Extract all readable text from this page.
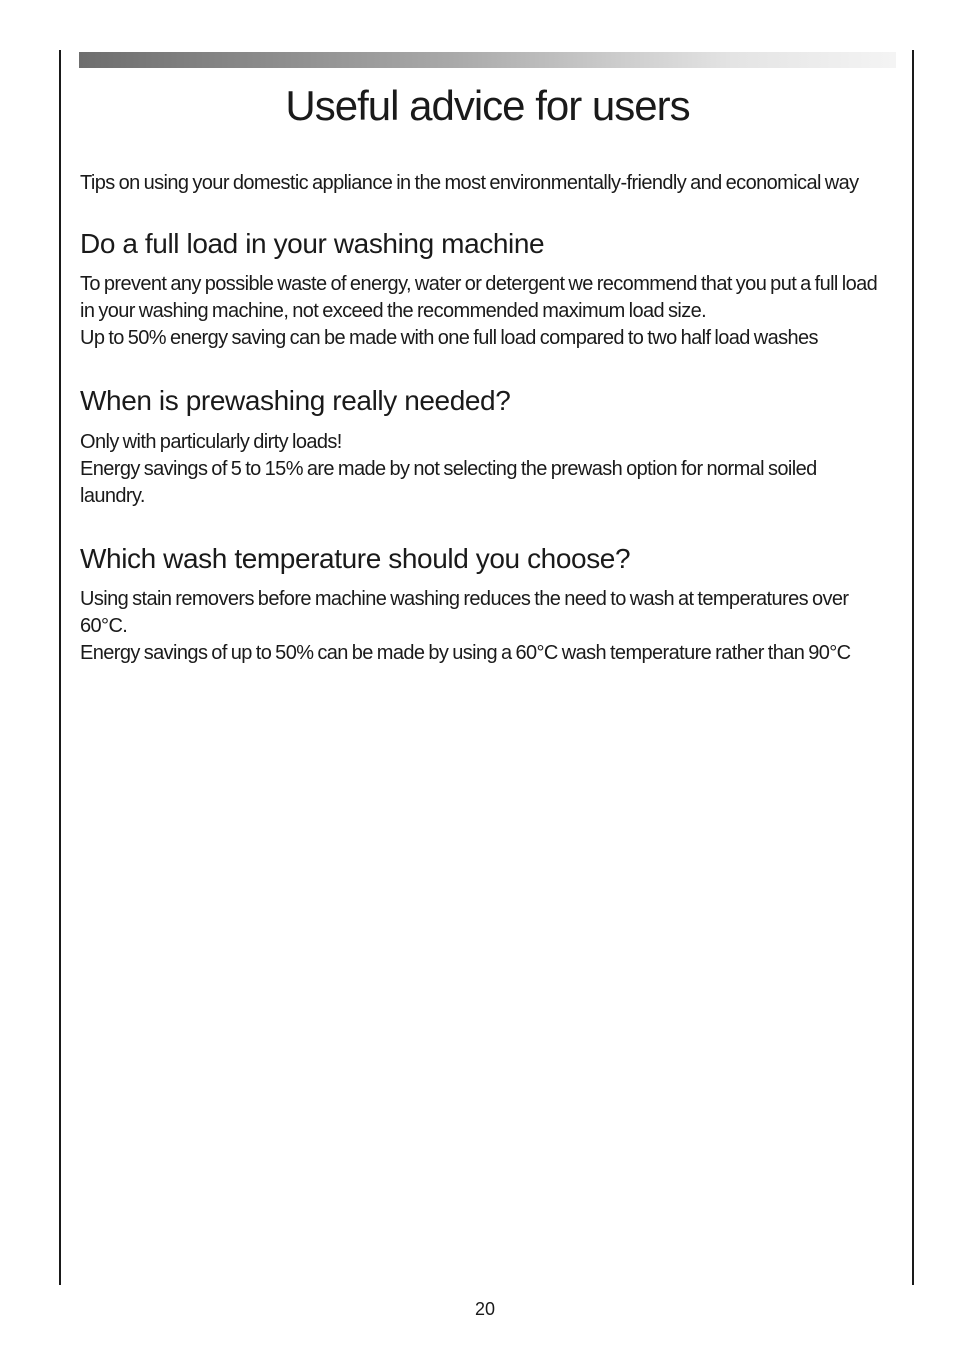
Useful advice for users

Tips on using your domestic appliance in the most environmentally-friendly and economical way

Do a full load in your washing machine

To prevent any possible waste of energy, water or detergent we recommend that you put a full load in your washing machine, not exceed the recommended maximum load size.

Up to 50% energy saving can be made with one full load compared to two half load washes

When is prewashing really needed?

Only with particularly dirty loads!

Energy savings of 5 to 15% are made by not selecting the prewash option for normal soiled laundry.

Which wash temperature should you choose?

Using stain removers before machine washing reduces the need to wash at temperatures over 60°C.

Energy savings of up to 50% can be made by using a 60°C wash temperature rather than 90°C

20
